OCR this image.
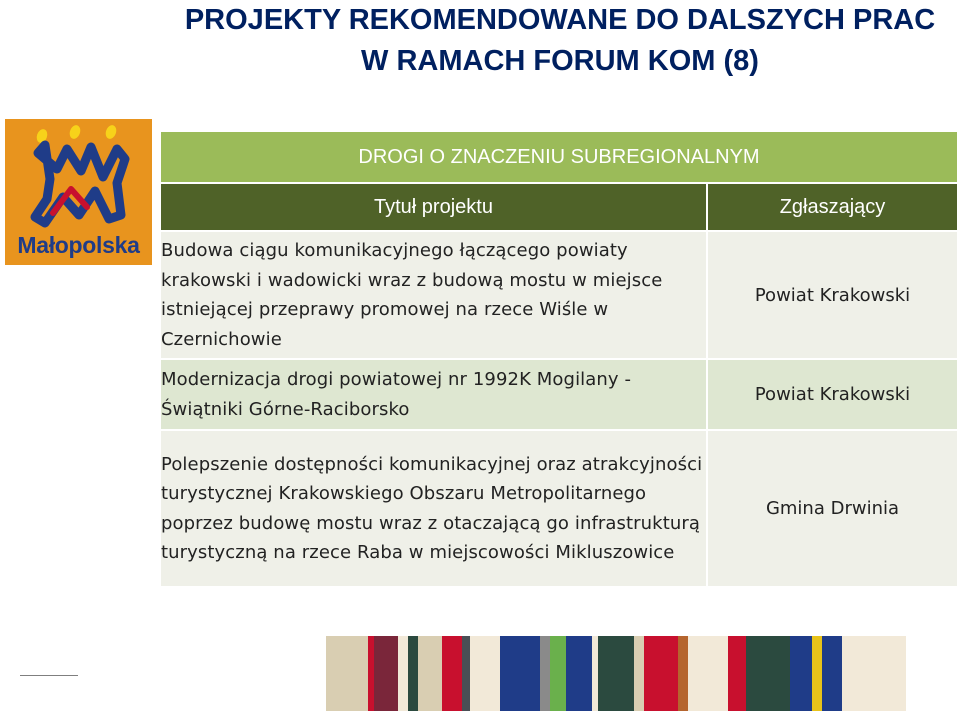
PROJEKTY REKOMENDOWANE DO DALSZYCH PRAC
W RAMACH FORUM KOM (8)
Małopolska
DROGI O ZNACZENIU SUBREGIONALNYM	
Tytuł projektu	Zgłaszający
Budowa ciągu komunikacyjnego łączącego powiaty krakowski i wadowicki wraz z budową mostu w miejsce istniejącej przeprawy promowej na rzece Wiśle w Czernichowie	Powiat Krakowski
Modernizacja drogi powiatowej nr 1992K Mogilany - Świątniki Górne-Raciborsko	Powiat Krakowski
Polepszenie dostępności komunikacyjnej oraz atrakcyjności turystycznej Krakowskiego Obszaru Metropolitarnego poprzez budowę mostu wraz z otaczającą go infrastrukturą turystyczną na rzece Raba w miejscowości Mikluszowice	Gmina Drwinia
